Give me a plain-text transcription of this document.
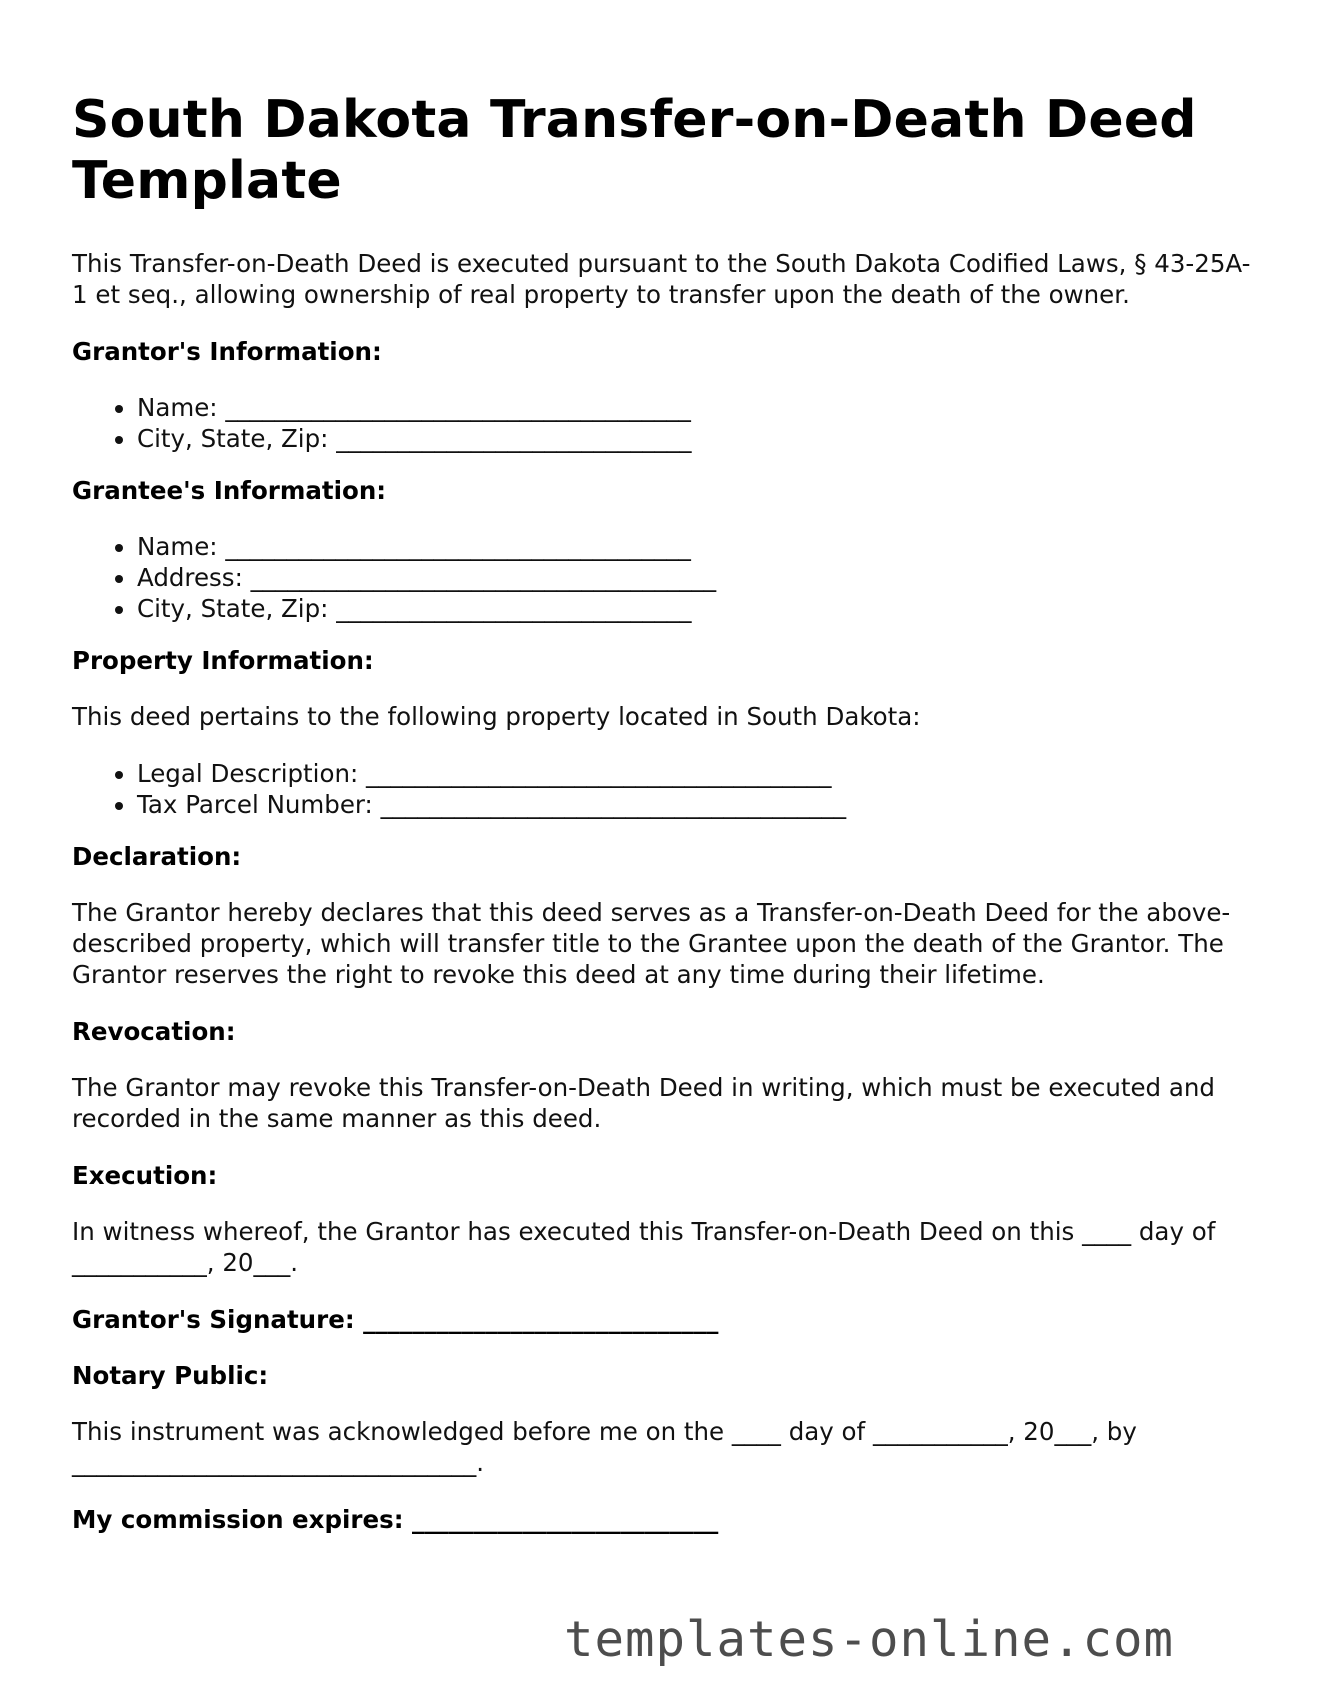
South Dakota Transfer-on-Death Deed Template

This Transfer-on-Death Deed is executed pursuant to the South Dakota Codified Laws, § 43-25A-1 et seq., allowing ownership of real property to transfer upon the death of the owner.

Grantor's Information:
• Name: ______________________________________
• City, State, Zip: _____________________________
Grantee's Information:
• Name: ______________________________________
• Address: ______________________________________
• City, State, Zip: _____________________________
Property Information:

This deed pertains to the following property located in South Dakota:

• Legal Description: ______________________________________
• Tax Parcel Number: ______________________________________
Declaration:

The Grantor hereby declares that this deed serves as a Transfer-on-Death Deed for the above-described property, which will transfer title to the Grantee upon the death of the Grantor. The Grantor reserves the right to revoke this deed at any time during their lifetime.

Revocation:

The Grantor may revoke this Transfer-on-Death Deed in writing, which must be executed and recorded in the same manner as this deed.

Execution:

In witness whereof, the Grantor has executed this Transfer-on-Death Deed on this ____ day of ___________, 20___.

Grantor's Signature: _____________________________
Notary Public:

This instrument was acknowledged before me on the ____ day of ___________, 20___, by _________________________________.

My commission expires: _________________________
templates-online.com
